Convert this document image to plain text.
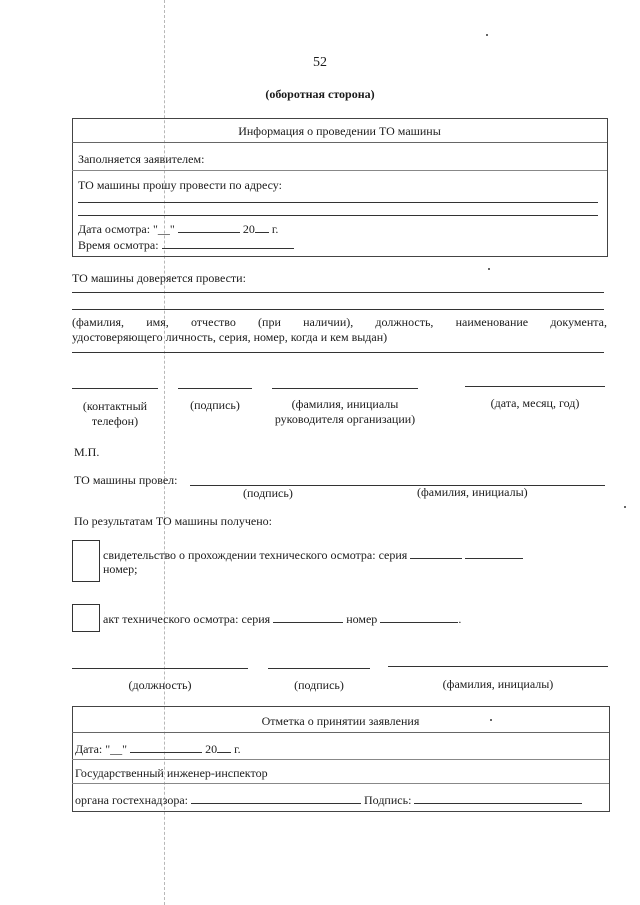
52
(оборотная сторона)
Информация о проведении ТО машины
Заполняется заявителем:
ТО машины прошу провести по адресу:
Дата осмотра: "__"	20 г.
Время осмотра:
ТО машины доверяется провести:
(фамилия, имя, отчество (при наличии), должность, наименование документа,
удостоверяющего личность, серия, номер, когда и кем выдан)
(контактный телефон)
(подпись)	(фамилия, инициалы руководителя организации)
(дата, месяц, год)
М.П.
ТО машины провел:
(подпись)	(фамилия, инициалы)
По результатам ТО машины получено:
свидетельство о прохождении технического осмотра: серия
номер;
акт технического осмотра: серия	номер	.
(должность)	(подпись)	(фамилия, инициалы)
Отметка о принятии заявления
Дата: "__"	20 г.
Государственный инженер-инспектор
органа гостехнадзора:	Подпись:
